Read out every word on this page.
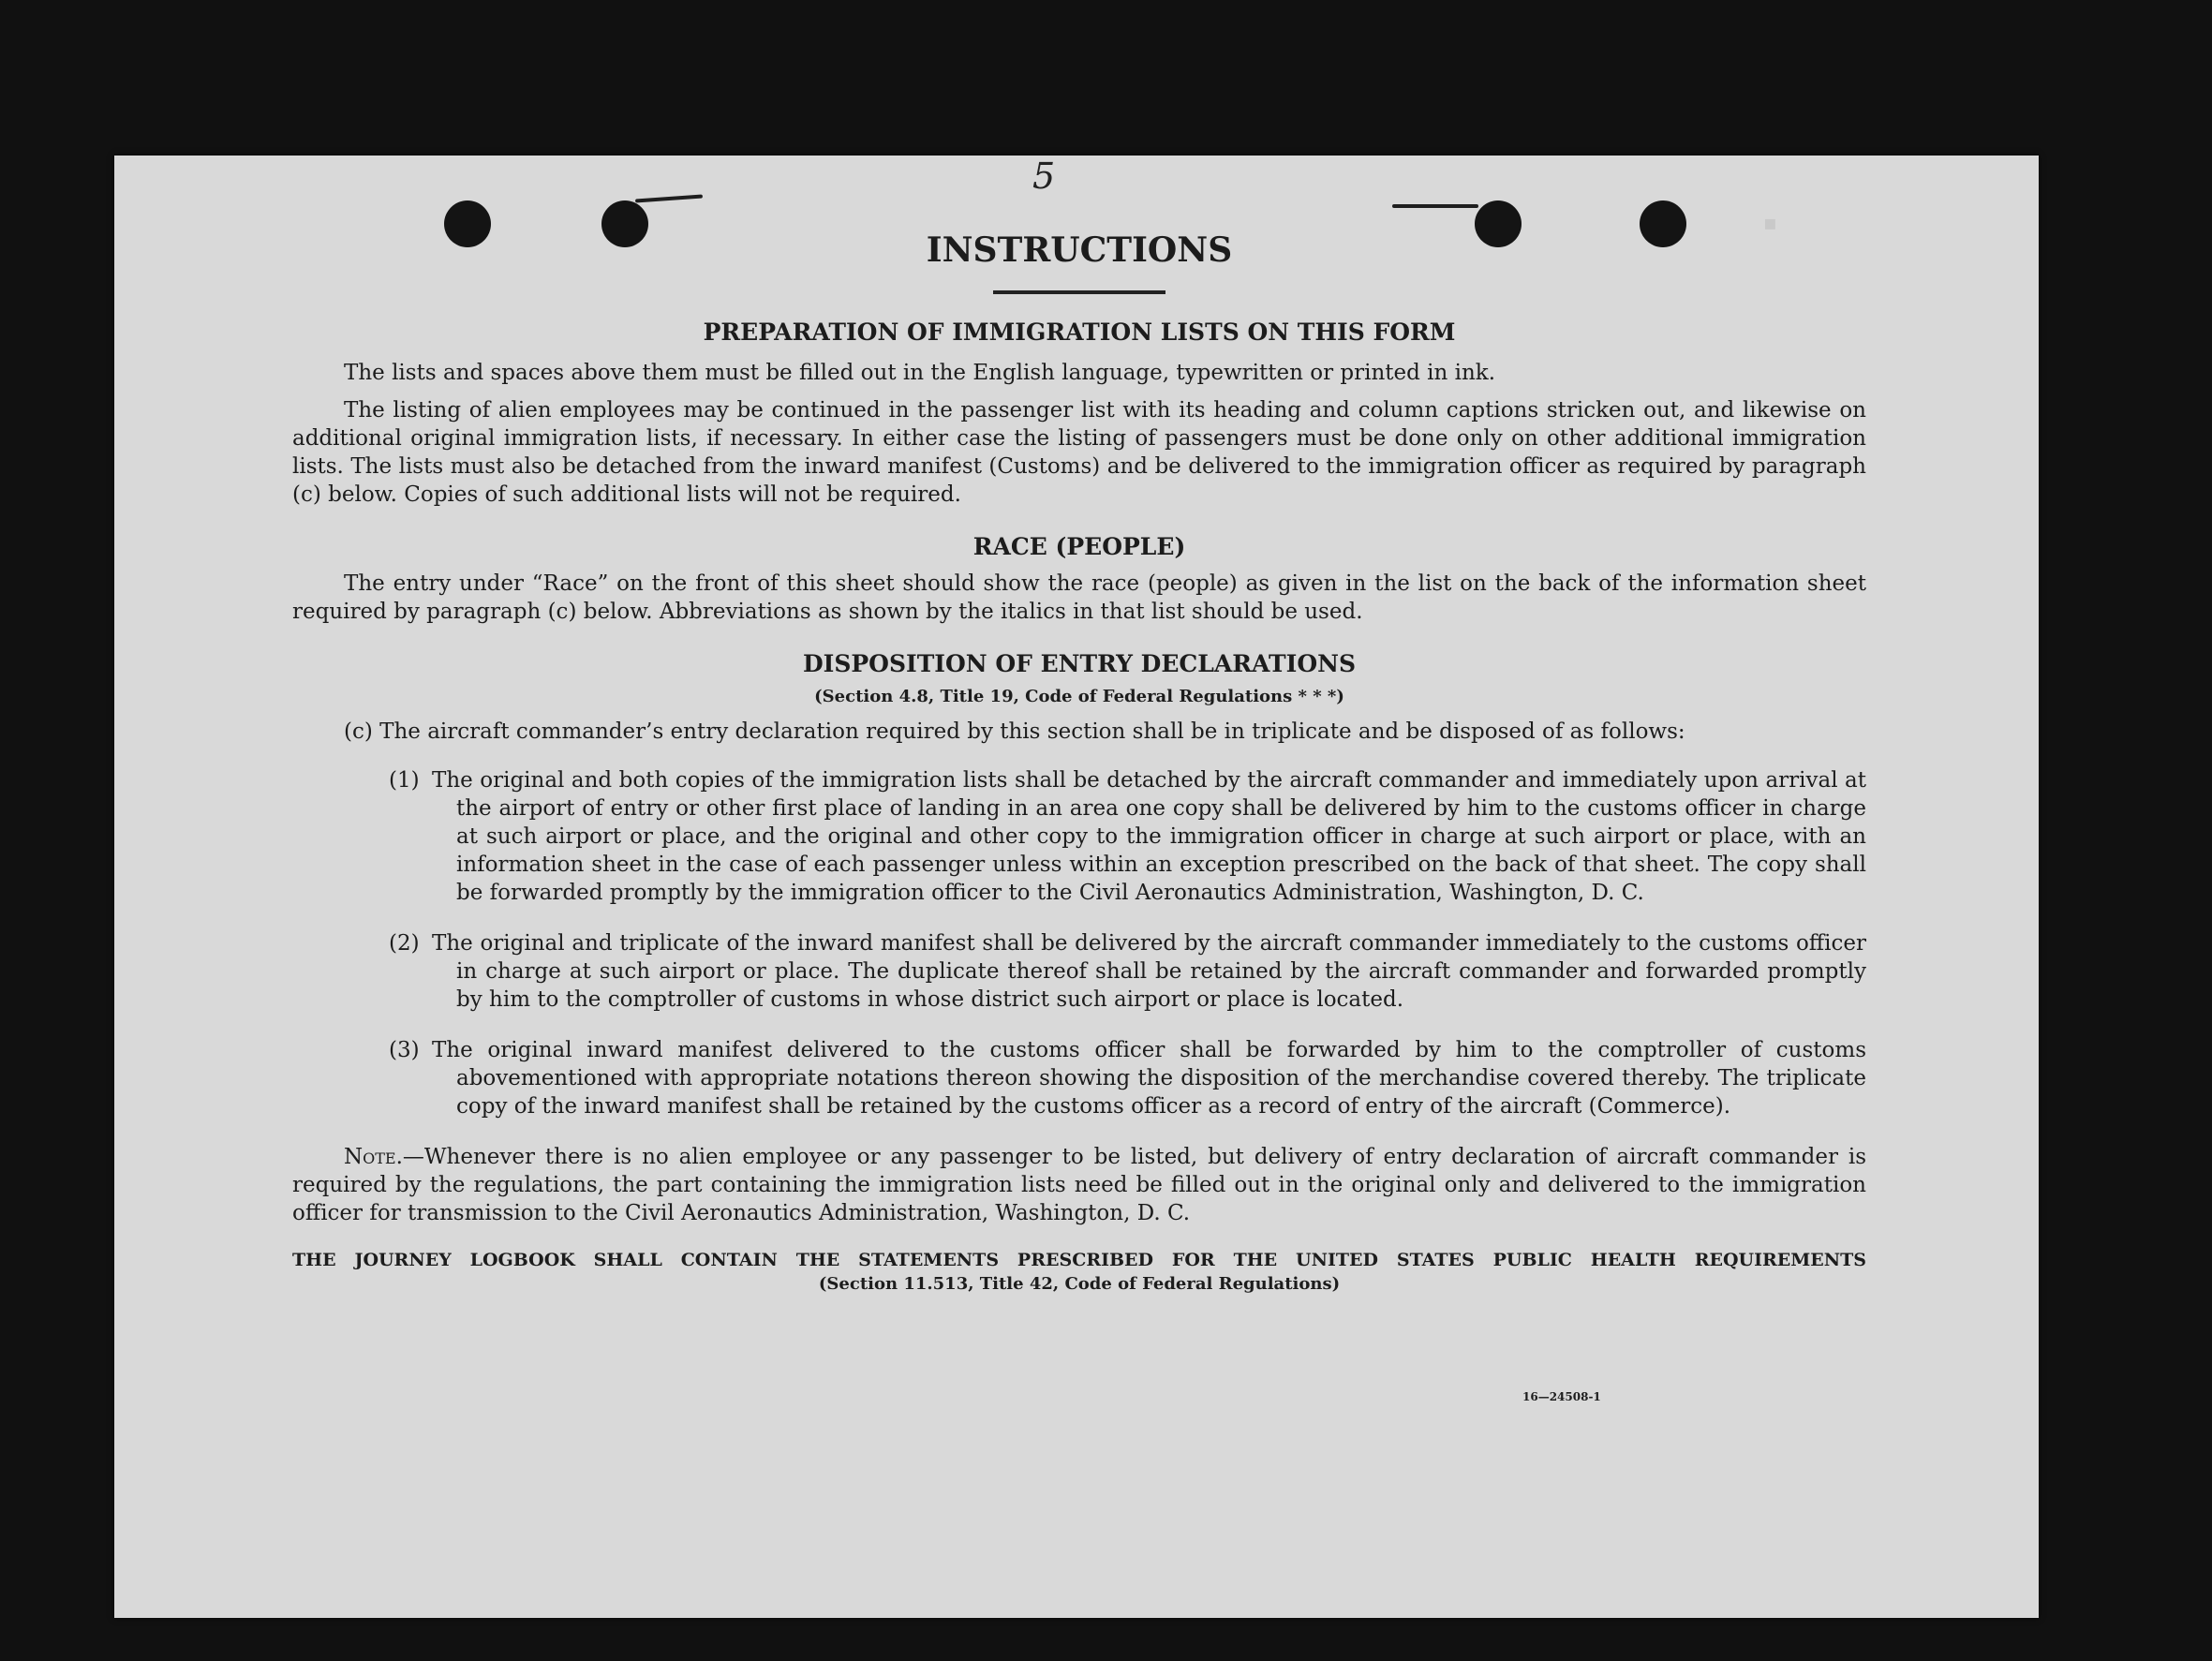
5
▪
INSTRUCTIONS
PREPARATION OF IMMIGRATION LISTS ON THIS FORM

The lists and spaces above them must be filled out in the English language, typewritten or printed in ink.

The listing of alien employees may be continued in the passenger list with its heading and column captions stricken out, and likewise on additional original immigration lists, if necessary. In either case the listing of passengers must be done only on other additional immigration lists. The lists must also be detached from the inward manifest (Customs) and be delivered to the immigration officer as required by paragraph (c) below. Copies of such additional lists will not be required.

RACE (PEOPLE)

The entry under “Race” on the front of this sheet should show the race (people) as given in the list on the back of the information sheet required by paragraph (c) below. Abbreviations as shown by the italics in that list should be used.

DISPOSITION OF ENTRY DECLARATIONS
(Section 4.8, Title 19, Code of Federal Regulations * * *)
(c) The aircraft commander’s entry declaration required by this section shall be in triplicate and be disposed of as follows:
(1) The original and both copies of the immigration lists shall be detached by the aircraft commander and immediately upon arrival at the airport of entry or other first place of landing in an area one copy shall be delivered by him to the customs officer in charge at such airport or place, and the original and other copy to the immigration officer in charge at such airport or place, with an information sheet in the case of each passenger unless within an exception prescribed on the back of that sheet. The copy shall be forwarded promptly by the immigration officer to the Civil Aeronautics Administration, Washington, D. C.
(2) The original and triplicate of the inward manifest shall be delivered by the aircraft commander immediately to the customs officer in charge at such airport or place. The duplicate thereof shall be retained by the aircraft commander and forwarded promptly by him to the comptroller of customs in whose district such airport or place is located.
(3) The original inward manifest delivered to the customs officer shall be forwarded by him to the comptroller of customs abovementioned with appropriate notations thereon showing the disposition of the merchandise covered thereby. The triplicate copy of the inward manifest shall be retained by the customs officer as a record of entry of the aircraft (Commerce).

Note.—Whenever there is no alien employee or any passenger to be listed, but delivery of entry declaration of aircraft commander is required by the regulations, the part containing the immigration lists need be filled out in the original only and delivered to the immigration officer for transmission to the Civil Aeronautics Administration, Washington, D. C.

THE JOURNEY LOGBOOK SHALL CONTAIN THE STATEMENTS PRESCRIBED FOR THE UNITED STATES PUBLIC HEALTH REQUIREMENTS
(Section 11.513, Title 42, Code of Federal Regulations)
16—24508-1
